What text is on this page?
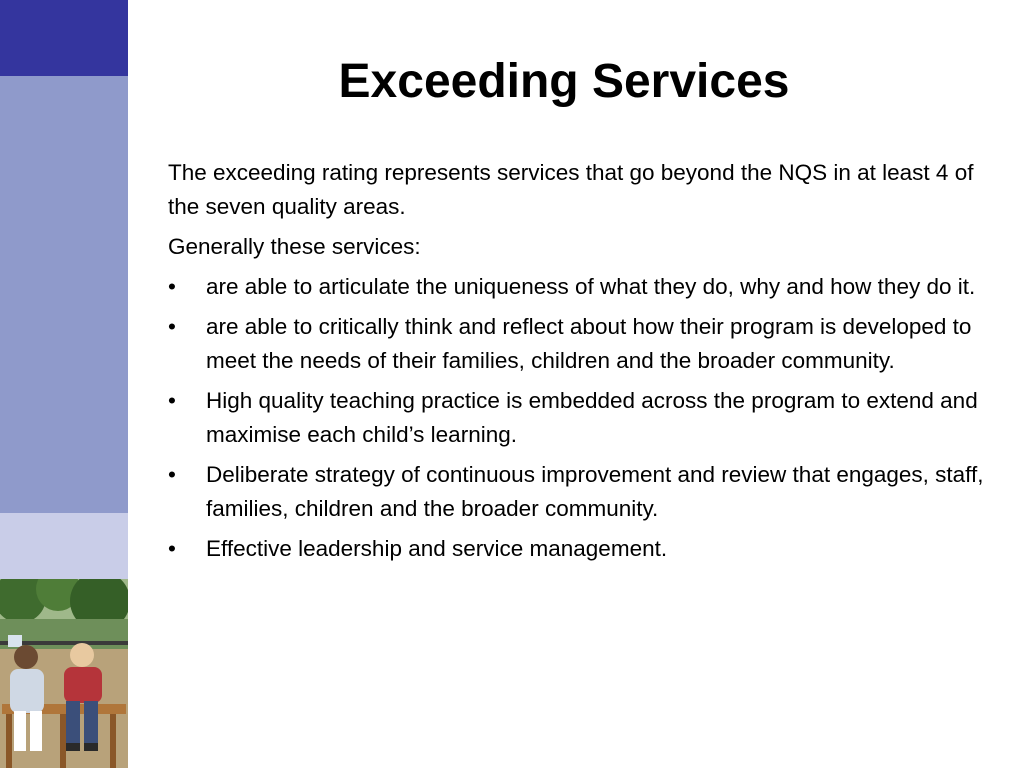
Exceeding Services

The exceeding rating represents services that go beyond the NQS in at least 4 of the seven quality areas.

Generally these services:

•	are able to articulate the uniqueness of what they do, why and how they do it.
•	are able to critically think and reflect about how their program is developed to meet the needs of their families, children and the broader community.
•	High quality teaching practice is embedded across the program to extend and maximise each child’s learning.
•	Deliberate strategy of continuous improvement and review that engages, staff, families, children and the broader community.
•	Effective leadership and service management.
